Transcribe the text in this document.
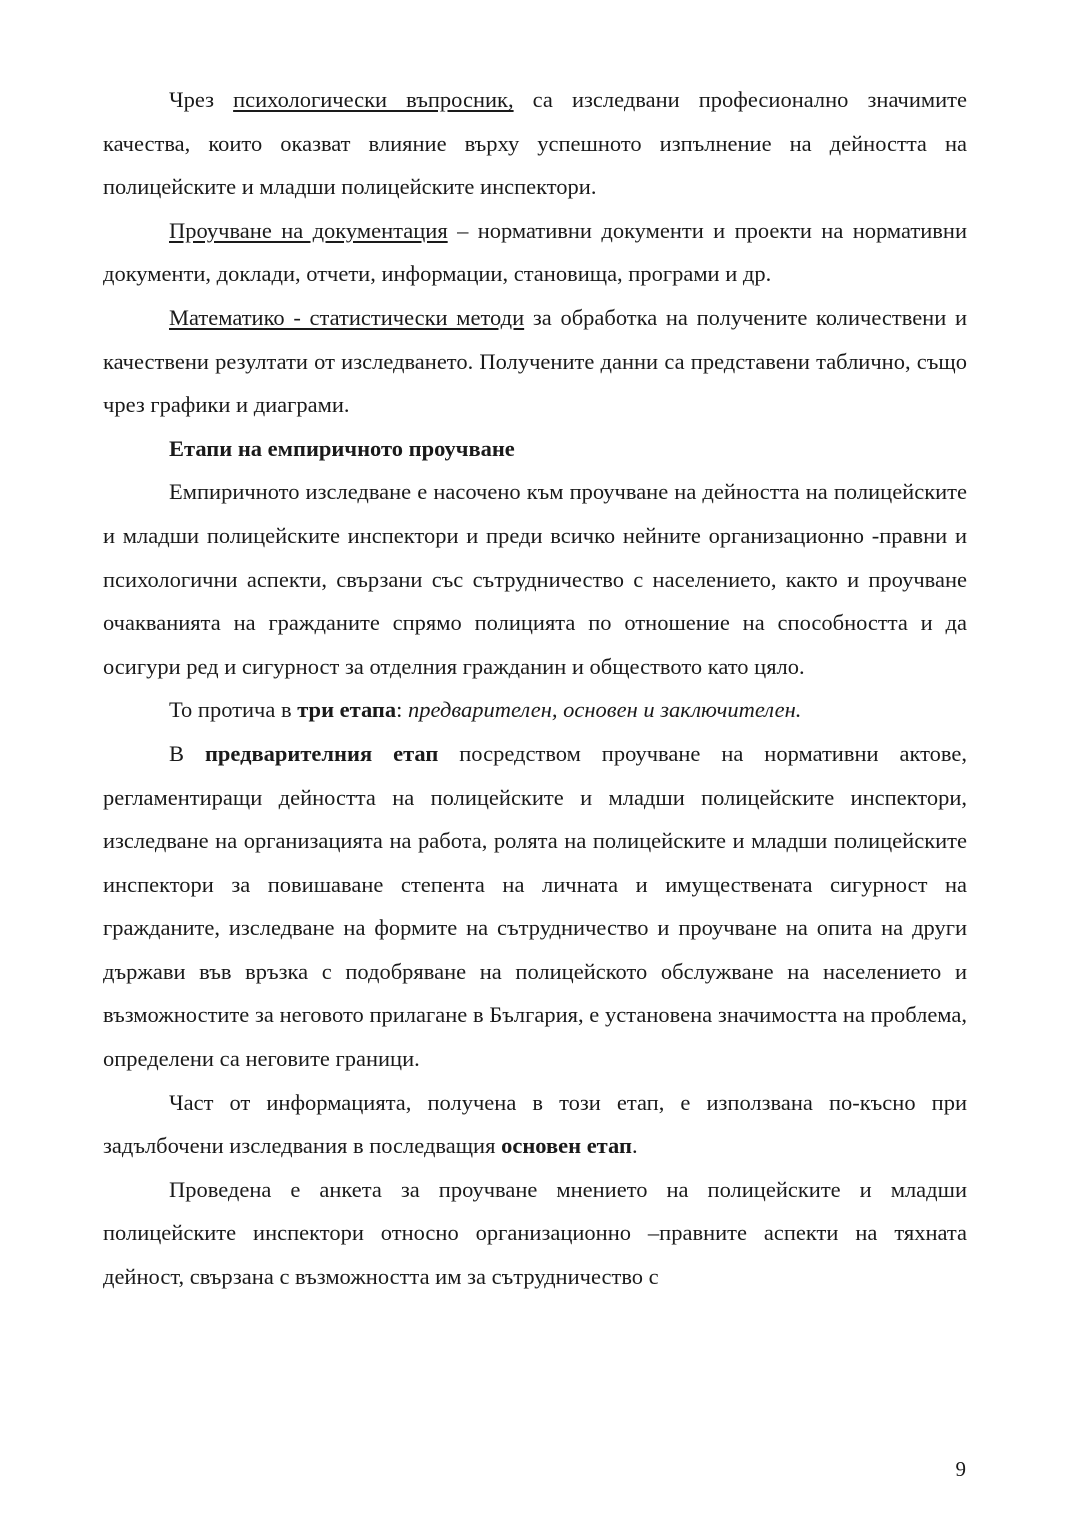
Чрез психологически въпросник, са изследвани професионално значимите качества, които оказват влияние върху успешното изпълнение на дейността на полицейските и младши полицейските инспектори.

Проучване на документация – нормативни документи и проекти на нормативни документи, доклади, отчети, информации, становища, програми и др.

Математико - статистически методи за обработка на получените количествени и качествени резултати от изследването. Получените данни са представени таблично, също чрез графики и диаграми.

Етапи на емпиричното проучване

Емпиричното изследване е насочено към проучване на дейността на полицейските и младши полицейските инспектори и преди всичко нейните организационно -правни и психологични аспекти, свързани със сътрудничество с населението, както и проучване очакванията на гражданите спрямо полицията по отношение на способността и да осигури ред и сигурност за отделния гражданин и обществото като цяло.

То протича в три етапа: предварителен, основен и заключителен.

В предварителния етап посредством проучване на нормативни актове, регламентиращи дейността на полицейските и младши полицейските инспектори, изследване на организацията на работа, ролята на полицейските и младши полицейските инспектори за повишаване степента на личната и имуществената сигурност на гражданите, изследване на формите на сътрудничество и проучване на опита на други държави във връзка с подобряване на полицейското обслужване на населението и възможностите за неговото прилагане в България, е установена значимостта на проблема, определени са неговите граници.

Част от информацията, получена в този етап, е използвана по-късно при задълбочени изследвания в последващия основен етап.

Проведена е анкета за проучване мнението на полицейските и младши полицейските инспектори относно организационно –правните аспекти на тяхната дейност, свързана с възможността им за сътрудничество с

9
